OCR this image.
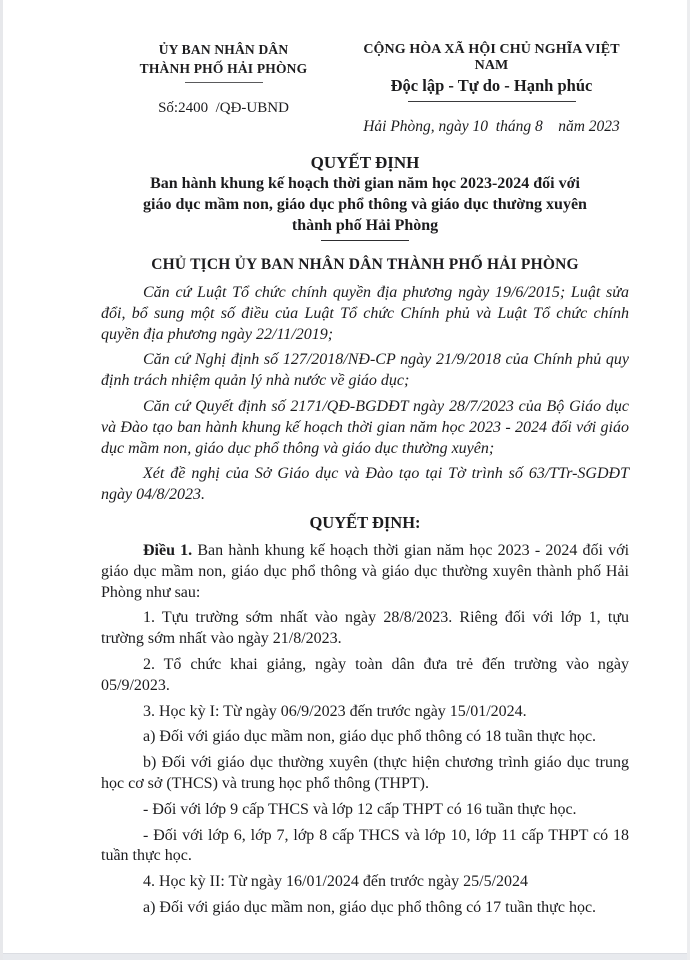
ỦY BAN NHÂN DÂN
THÀNH PHỐ HẢI PHÒNG
Số:2400  /QĐ-UBND
CỘNG HÒA XÃ HỘI CHỦ NGHĨA VIỆT NAM
Độc lập - Tự do - Hạnh phúc
Hải Phòng, ngày 10  tháng 8    năm 2023
QUYẾT ĐỊNH
Ban hành khung kế hoạch thời gian năm học 2023-2024 đối với
giáo dục mầm non, giáo dục phổ thông và giáo dục thường xuyên
thành phố Hải Phòng
CHỦ TỊCH ỦY BAN NHÂN DÂN THÀNH PHỐ HẢI PHÒNG

Căn cứ Luật Tổ chức chính quyền địa phương ngày 19/6/2015; Luật sửa đổi, bổ sung một số điều của Luật Tổ chức Chính phủ và Luật Tổ chức chính quyền địa phương ngày 22/11/2019;

Căn cứ Nghị định số 127/2018/NĐ-CP ngày 21/9/2018 của Chính phủ quy định trách nhiệm quản lý nhà nước về giáo dục;

Căn cứ Quyết định số 2171/QĐ-BGDĐT ngày 28/7/2023 của Bộ Giáo dục và Đào tạo ban hành khung kế hoạch thời gian năm học 2023 - 2024 đối với giáo dục mầm non, giáo dục phổ thông và giáo dục thường xuyên;

Xét đề nghị của Sở Giáo dục và Đào tạo tại Tờ trình số 63/TTr-SGDĐT ngày 04/8/2023.

QUYẾT ĐỊNH:

Điều 1. Ban hành khung kế hoạch thời gian năm học 2023 - 2024 đối với giáo dục mầm non, giáo dục phổ thông và giáo dục thường xuyên thành phố Hải Phòng như sau:

1. Tựu trường sớm nhất vào ngày 28/8/2023. Riêng đối với lớp 1, tựu trường sớm nhất vào ngày 21/8/2023.

2. Tổ chức khai giảng, ngày toàn dân đưa trẻ đến trường vào ngày 05/9/2023.

3. Học kỳ I: Từ ngày 06/9/2023 đến trước ngày 15/01/2024.

a) Đối với giáo dục mầm non, giáo dục phổ thông có 18 tuần thực học.

b) Đối với giáo dục thường xuyên (thực hiện chương trình giáo dục trung học cơ sở (THCS) và trung học phổ thông (THPT).

- Đối với lớp 9 cấp THCS và lớp 12 cấp THPT có 16 tuần thực học.

- Đối với lớp 6, lớp 7, lớp 8 cấp THCS và lớp 10, lớp 11 cấp THPT có 18 tuần thực học.

4. Học kỳ II: Từ ngày 16/01/2024 đến trước ngày 25/5/2024

a) Đối với giáo dục mầm non, giáo dục phổ thông có 17 tuần thực học.
